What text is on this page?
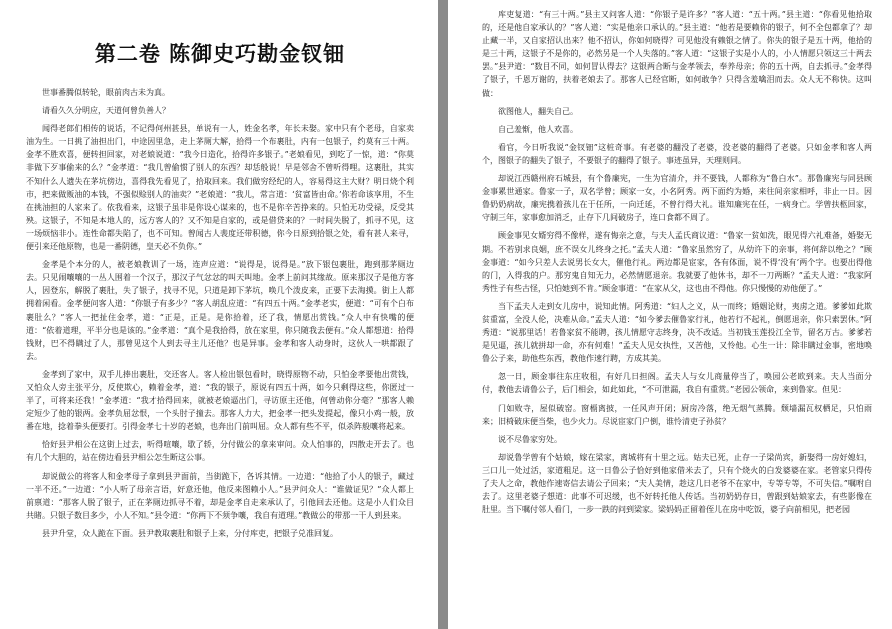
第二卷 陈御史巧勘金钗钿

世事番腾似转轮，眼前肉古未为真。

请看久久分明应，天道何曾负善人？

闻得老郎们相传的说话，不记得何州甚县，单说有一人，姓金名孝，年长未娶。家中只有个老母，自家卖油为生。一日挑了油担出门，中途因里急，走上茅厕大解，拾得一个布裹肚，内有一包银子，约莫有三十两。金孝不胜欢喜，便转担回家，对老娘说道：“我今日造化，拾得许多银子。”老娘看见，到吃了一惊，道：“你莫非做下歹事偷来的么？”金孝道：“我几曾偷惯了别人的东西？却恁般说！早是邻舍不曾听得哩。这裹肚，其实不知什么人遗失在茅坑傍边，喜得我先看见了，拾取回来。我们做穷经纪的人，容易得这主大财？明日烧个利市，把来做贩油的本钱，不强似赊别人的油卖？”老娘道：“我儿，常言道：‘贫富皆由命。’你若命该享用，不生在挑油担的人家来了。依我看来，这银子虽非是你设心谋来的，也不是你辛苦挣来的。只怕无功受禄，反受其殃。这银子，不知是本地人的，远方客人的？又不知是自家的，或是借贷来的？一时间失脱了，抓寻不见，这一场烦恼非小。连性命都失陷了，也不可知。曾闻古人裴度还带积德，你今日原到拾银之处，看有甚人来寻，便引来还他原物，也是一番阴德，皇天必不负你。”

金孝是个本分的人，被老娘教训了一场，连声应道：“说得是，说得是。”放下银包裹肚，跑到那茅厕边去。只见闹嚷嚷的一丛人围着一个汉子，那汉子气忿忿的叫天叫地。金孝上前问其缘故。原来那汉子是他方客人，因登东，解脱了裹肚，失了银子，找寻不见，只道是卸下茅坑，唤几个泼皮来，正要下去淘摸。街上人都拥着闲看。金孝便问客人道：“你银子有多少？”客人胡乱应道：“有四五十两。”金孝老实，便道：“可有个白布裹肚么？”客人一把扯住金孝，道：“正是，正是。是你拾着，还了我，情愿出赏钱。”众人中有快嘴的便道：“依着道理，平半分也是该的。”金孝道：“真个是我拾得，放在家里，你只随我去便有。”众人都想道：拾得钱财，巴不得瞒过了人，那曾见这个人到去寻主儿还他？也是异事。金孝和客人动身时，这伙人一哄都跟了去。

金孝到了家中，双手儿捧出裹肚，交还客人。客人检出银包看时，晓得原物不动，只怕金孝要他出赏钱，又怕众人旁主张平分，反使欺心，赖着金孝，道：“我的银子，原说有四五十两，如今只剩得这些，你匿过一半了，可将来还我！”金孝道：“我才拾得回来，就被老娘逼出门，寻访原主还他，何曾动你分毫？”那客人赖定短少了他的银两。金孝负屈忿恨，一个头肘子撞去。那客人力大，把金孝一把头发提起，像只小鸡一般，放番在地，捻着拳头便要打。引得金孝七十岁的老娘，也奔出门前叫屈。众人都有些不平，似杀阵般嚷将起来。

恰好县尹相公在这街上过去，听得喧嚷，歇了轿，分付做公的拿来审问。众人怕事的，四散走开去了。也有几个大胆的，站在傍边看县尹相公怎生断这公事。

却说做公的将客人和金孝母子拿到县尹面前，当街跪下，各诉其情。一边道：“他拾了小人的银子，藏过一半不还。”一边道：“小人听了母亲言语，好意还他，他反来图赖小人。”县尹问众人：“谁做证见？”众人都上前禀道：“那客人脱了银子，正在茅厕边抓寻不着，却是金孝自走来承认了，引他回去还他。这是小人们众目共睹。只银子数目多少，小人不知。”县令道：“你两下不须争嚷，我自有道理。”教做公的带那一干人到县来。

县尹升堂，众人跪在下面。县尹教取裹肚和银子上来，分付库吏，把银子兑准回复。

库吏复道：“有三十两。”县主又问客人道：“你银子是许多？”客人道：“五十两。”县主道：“你看见他拾取的，还是他自家承认的？”客人道：“实是他亲口承认的。”县主道：“他若是要赖你的银子，何不全包都拿了？却止藏一半，又自家招认出来？他不招认，你如何晓得？可见他没有赖银之情了。你失的银子是五十两，他拾的是三十两，这银子不是你的，必然另是一个人失落的。”客人道：“这银子实是小人的，小人情愿只领这三十两去罢。”县尹道：“数目不同，如何冒认得去？这银两合断与金孝领去，奉养母亲；你的五十两，自去抓寻。”金孝得了银子，千恩万谢的，扶着老娘去了。那客人已经官断，如何敢争？只得含羞噙泪而去。众人无不称快。这叫做：

欲图他人，翻失自己。

自己羞惭，他人欢喜。

看官，今日听我说“金钗钿”这桩奇事。有老婆的翻没了老婆，没老婆的翻得了老婆。只如金孝和客人两个，图银子的翻失了银子，不要银子的翻得了银子。事迹虽异，天理则同。

却说江西赣州府石城县，有个鲁廉宪，一生为官清介，并不要钱，人都称为“鲁白水”。那鲁廉宪与同县顾金事累世通家。鲁家一子，双名学曾；顾家一女，小名阿秀。两下面约为婚，来往间亲家相呼，非止一日。因鲁奶奶病故，廉宪携着孩儿在于任所，一向迁延，不曾行得大礼。谁知廉宪在任，一病身亡。学曾扶柩回家，守制三年，家事愈加消乏，止存下几间破房子，连口食都不周了。

顾金事见女婿穷得不像样，遂有悔亲之意，与夫人孟氏商议道：“鲁家一贫如洗，眼见得六礼难备，婚娶无期。不若别求良姻，庶不误女儿终身之托。”孟夫人道：“鲁家虽然穷了，从幼许下的亲事，将何辞以绝之？”顾金事道：“如今只差人去说男长女大，催他行礼。两边都是宦家，各有体面，说不得‘没有’两个字。也要出得他的门，入得我的户。那穷鬼自知无力，必然情愿退亲。我就要了他休书，却不一刀两断？”孟夫人道：“我家阿秀性子有些古怪，只怕她到不肯。”顾金事道：“在家从父，这也由不得他。你只慢慢的劝他便了。”

当下孟夫人走到女儿房中，说知此情。阿秀道：“妇人之义，从一而终；婚姻论财，夷虏之道。爹爹如此欺贫重富，全没人伦，决难从命。”孟夫人道：“如今爹去催鲁家行礼，他若行不起礼，倒愿退亲，你只索罢休。”阿秀道：“说那里话！若鲁家贫不能聘，孩儿情愿守志终身，决不改适。当初钱玉莲投江全节，留名万古。爹爹若是见逼，孩儿就拼却一命，亦有何难！”孟夫人见女执性，又苦他，又怜他。心生一计：除非瞒过金事，密地唤鲁公子来，助他些东西，教他作速行聘，方成其美。

忽一日，顾金事往东庄收租，有好几日担阁。孟夫人与女儿商量停当了，唤园公老欧到来。夫人当面分付，教他去请鲁公子，后门相会，如此如此，“不可泄漏，我自有重赏。”老园公领命，来到鲁家。但见：

门如败寺，屋似破窑。窗槅离披，一任风声开闭；厨房冷落，绝无烟气蒸腾。颓墙漏瓦权栖足，只怕雨来；旧椅破床便当柴，也少火力。尽说宦家门户倒，谁怜清吏子孙贫？

说不尽鲁家穷处。

却说鲁学曾有个姑娘，嫁在梁家，离城将有十里之远。姑夫已死，止存一子梁尚宾，新娶得一房好媳妇，三口儿一处过活，家道粗足。这一日鲁公子恰好到他家借米去了，只有个烧火的白发婆婆在家。老管家只得传了夫人之命，教他作速寄信去请公子回来；“夫人美情，趁这几日老爷不在家中，专等专等，不可失信。”嘱咐自去了。这里老婆子想道：此事不可迟缓，也不好转托他人传话。当初奶奶存日，曾跟到姑娘家去，有些影像在肚里。当下嘱付邻人看门，一步一跌的问到梁家。梁妈妈正留着侄儿在房中吃饭，婆子向前相见，把老园
